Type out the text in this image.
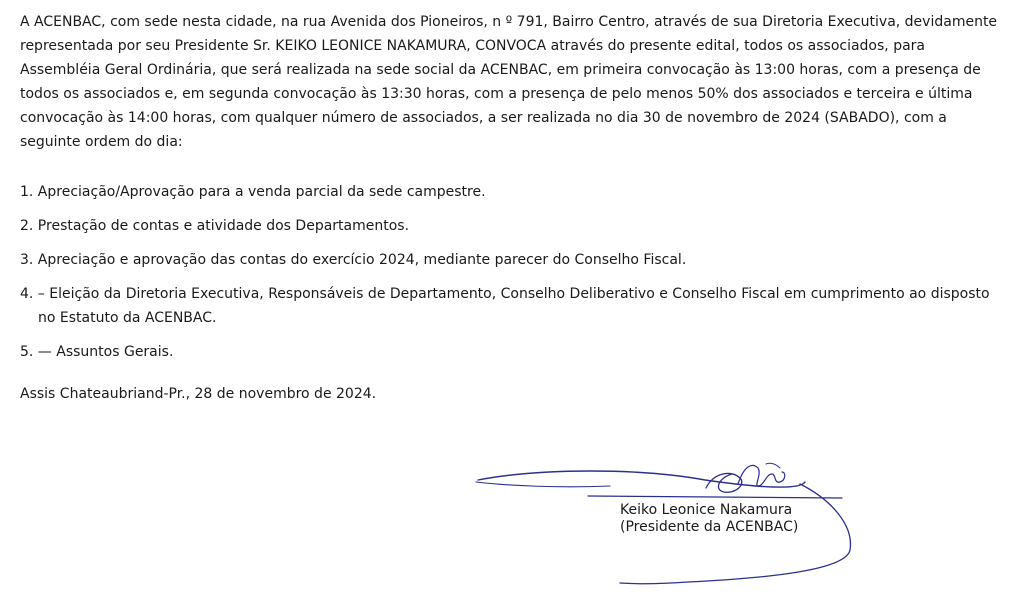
A ACENBAC, com sede nesta cidade, na rua Avenida dos Pioneiros, n º 791, Bairro Centro, através de sua Diretoria Executiva, devidamente representada por seu Presidente Sr. KEIKO LEONICE NAKAMURA, CONVOCA através do presente edital, todos os associados, para Assembléia Geral Ordinária, que será realizada na sede social da ACENBAC, em primeira convocação às 13:00 horas, com a presença de todos os associados e, em segunda convocação às 13:30 horas, com a presença de pelo menos 50% dos associados e terceira e última convocação às 14:00 horas, com qualquer número de associados, a ser realizada no dia 30 de novembro de 2024 (SABADO), com a seguinte ordem do dia:

1. Apreciação/Aprovação para a venda parcial da sede campestre.
2. Prestação de contas e atividade dos Departamentos.
3. Apreciação e aprovação das contas do exercício 2024, mediante parecer do Conselho Fiscal.
4. – Eleição da Diretoria Executiva, Responsáveis de Departamento, Conselho Deliberativo e Conselho Fiscal em cumprimento ao disposto no Estatuto da ACENBAC.
5. — Assuntos Gerais.

Assis Chateaubriand-Pr., 28 de novembro de 2024.

Keiko Leonice Nakamura
(Presidente da ACENBAC)
